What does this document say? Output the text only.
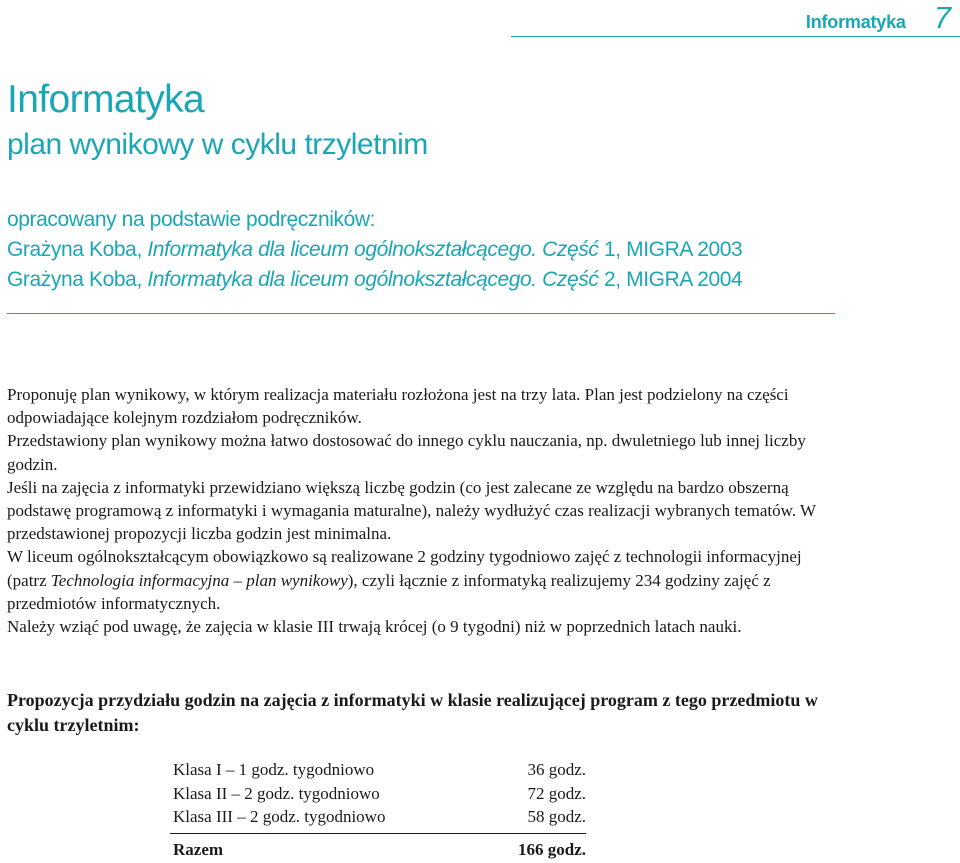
Informatyka 7
Informatyka
plan wynikowy w cyklu trzyletnim
opracowany na podstawie podręczników:
Grażyna Koba, Informatyka dla liceum ogólnokształcącego. Część 1, MIGRA 2003
Grażyna Koba, Informatyka dla liceum ogólnokształcącego. Część 2, MIGRA 2004

Proponuję plan wynikowy, w którym realizacja materiału rozłożona jest na trzy lata. Plan jest podzielony na części odpowiadające kolejnym rozdziałom podręczników.

Przedstawiony plan wynikowy można łatwo dostosować do innego cyklu nauczania, np. dwuletniego lub innej liczby godzin.

Jeśli na zajęcia z informatyki przewidziano większą liczbę godzin (co jest zalecane ze względu na bardzo obszerną podstawę programową z informatyki i wymagania maturalne), należy wydłużyć czas realizacji wybranych tematów. W przedstawionej propozycji liczba godzin jest minimalna.

W liceum ogólnokształcącym obowiązkowo są realizowane 2 godziny tygodniowo zajęć z technologii informacyjnej (patrz Technologia informacyjna – plan wynikowy), czyli łącznie z informatyką realizujemy 234 godziny zajęć z przedmiotów informatycznych.

Należy wziąć pod uwagę, że zajęcia w klasie III trwają krócej (o 9 tygodni) niż w poprzednich latach nauki.

Propozycja przydziału godzin na zajęcia z informatyki w klasie realizującej program z tego przedmiotu w cyklu trzyletnim:
Klasa I – 1 godz. tygodniowo	36 godz.
Klasa II – 2 godz. tygodniowo	72 godz.
Klasa III – 2 godz. tygodniowo	58 godz.
Razem	166 godz.
